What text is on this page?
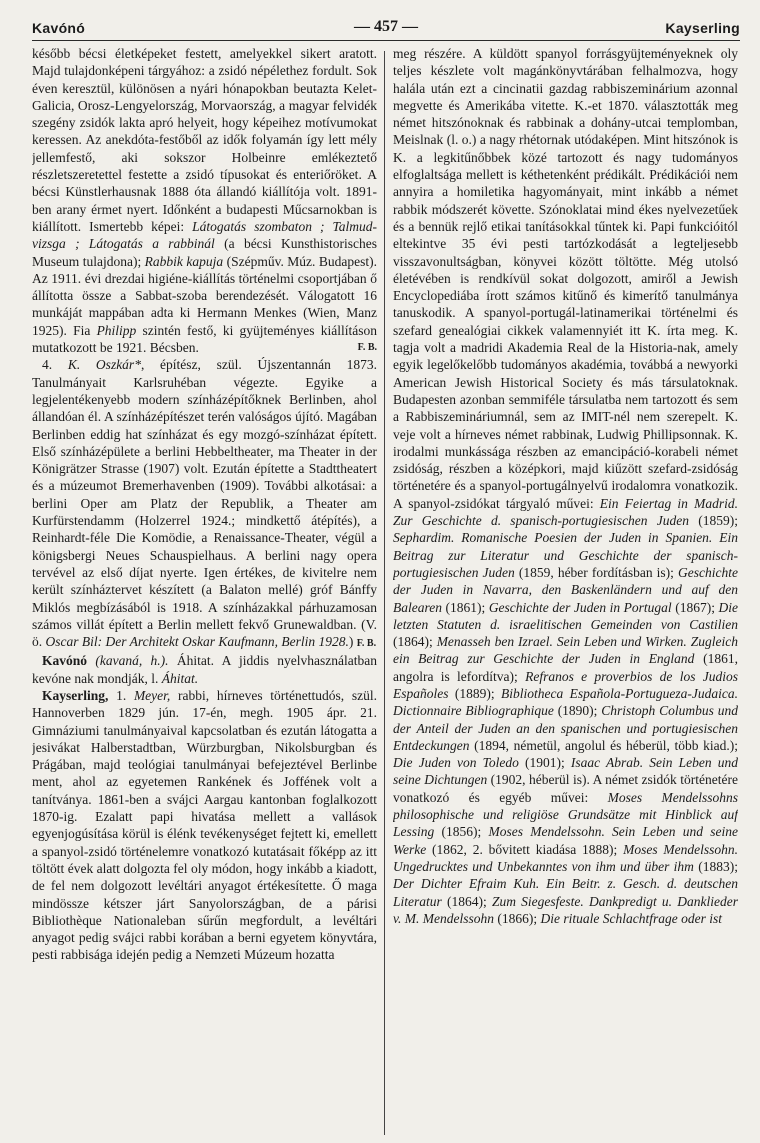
Kavónó	— 457 —	Kayserling

később bécsi életképeket festett, amelyekkel sikert aratott. Majd tulajdonképeni tárgyához: a zsidó népélethez fordult. Sok éven keresztül, különösen a nyári hónapokban beutazta Kelet-Galicia, Orosz-Lengyelország, Morvaország, a magyar felvidék szegény zsidók lakta apró helyeit, hogy képeihez motívumokat keressen. Az anekdóta-festőből az idők folyamán így lett mély jellemfestő, aki sokszor Holbeinre emlékeztető részletszeretettel festette a zsidó típusokat és enteriőröket. A bécsi Künstlerhausnak 1888 óta állandó kiállítója volt. 1891-ben arany érmet nyert. Időnként a budapesti Műcsarnokban is kiállított. Ismertebb képei: Látogatás szombaton ; Talmud-vizsga ; Látogatás a rabbinál (a bécsi Kunsthistorisches Museum tulajdona); Rabbik kapuja (Szépműv. Múz. Budapest). Az 1911. évi drezdai higiéne-kiállítás történelmi csoportjában ő állította össze a Sabbat-szoba berendezését. Válogatott 16 munkáját mappában adta ki Hermann Menkes (Wien, Manz 1925). Fia Philipp szintén festő, ki gyüjteményes kiállításon mutatkozott be 1921. Bécsben.	F. B.

4. K. Oszkár*, építész, szül. Újszentannán 1873. Tanulmányait Karlsruhéban végezte. Egyike a legjelentékenyebb modern színházépítőknek Berlinben, ahol állandóan él. A színházépítészet terén valóságos újító. Magában Berlinben eddig hat színházat és egy mozgó-színházat épített. Első színházépülete a berlini Hebbeltheater, ma Theater in der Königrätzer Strasse (1907) volt. Ezután építette a Stadttheatert és a múzeumot Bremerhavenben (1909). További alkotásai: a berlini Oper am Platz der Republik, a Theater am Kurfürstendamm (Holzerrel 1924.; mindkettő átépítés), a Reinhardt-féle Die Komödie, a Renaissance-Theater, végül a königsbergi Neues Schauspielhaus. A berlini nagy opera tervével az első díjat nyerte. Igen értékes, de kivitelre nem került színháztervet készített (a Balaton mellé) gróf Bánffy Miklós megbízásából is 1918. A színházakkal párhuzamosan számos villát épített a Berlin mellett fekvő Grunewaldban. (V. ö. Oscar Bil: Der Architekt Oskar Kaufmann, Berlin 1928.) F. B.

Kavónó (kavaná, h.). Áhitat. A jiddis nyelvhasználatban kevóne nak mondják, l. Áhitat.

Kayserling, 1. Meyer, rabbi, hírneves történettudós, szül. Hannoverben 1829 jún. 17-én, megh. 1905 ápr. 21. Gimnáziumi tanulmányaival kapcsolatban és ezután látogatta a jesivákat Halberstadtban, Würzburgban, Nikolsburgban és Prágában, majd teológiai tanulmányai befejeztével Berlinbe ment, ahol az egyetemen Rankének és Joffének volt a tanítványa. 1861-ben a svájci Aargau kantonban foglalkozott 1870-ig. Ezalatt papi hivatása mellett a vallások egyenjogúsítása körül is élénk tevékenységet fejtett ki, emellett a spanyol-zsidó történelemre vonatkozó kutatásait főképp az itt töltött évek alatt dolgozta fel oly módon, hogy inkább a kiadott, de fel nem dolgozott levéltári anyagot értékesítette. Ő maga mindössze kétszer járt Sanyolországban, de a párisi Bibliothèque Nationaleban sűrűn megfordult, a levéltári anyagot pedig svájci rabbi korában a berni egyetem könyvtára, pesti rabbisága idején pedig a Nemzeti Múzeum hozatta

meg részére. A küldött spanyol forrásgyüjteményeknek oly teljes készlete volt magánkönyvtárában felhalmozva, hogy halála után ezt a cincinatii gazdag rabbiszeminárium azonnal megvette és Amerikába vitette. K.-et 1870. választották meg német hitszónoknak és rabbinak a dohány-utcai templomban, Meislnak (l. o.) a nagy rhétornak utódaképen. Mint hitszónok is K. a legkitűnőbbek közé tartozott és nagy tudományos elfoglaltsága mellett is kéthetenként prédikált. Prédikációi nem annyira a homiletika hagyományait, mint inkább a német rabbik módszerét követte. Szónoklatai mind ékes nyelvezetűek és a bennük rejlő etikai tanításokkal tűntek ki. Papi funkcióitól eltekintve 35 évi pesti tartózkodását a legteljesebb visszavonultságban, könyvei között töltötte. Még utolsó életévében is rendkívül sokat dolgozott, amiről a Jewish Encyclopediába írott számos kitűnő és kimerítő tanulmánya tanuskodik. A spanyol-portugál-latinamerikai történelmi és szefard genealógiai cikkek valamennyiét itt K. írta meg. K. tagja volt a madridi Akademia Real de la Historia-nak, amely egyik legelőkelőbb tudományos akadémia, továbbá a newyorki American Jewish Historical Society és más társulatoknak. Budapesten azonban semmiféle társulatba nem tartozott és sem a Rabbiszemináriumnál, sem az IMIT-nél nem szerepelt. K. veje volt a hírneves német rabbinak, Ludwig Phillipsonnak. K. irodalmi munkássága részben az emancipáció-korabeli német zsidóság, részben a középkori, majd kiűzött szefard-zsidóság történetére és a spanyol-portugálnyelvű irodalomra vonatkozik. A spanyol-zsidókat tárgyaló művei: Ein Feiertag in Madrid. Zur Geschichte d. spanisch-portugiesischen Juden (1859); Sephardim. Romanische Poesien der Juden in Spanien. Ein Beitrag zur Literatur und Geschichte der spanisch-portugiesischen Juden (1859, héber fordításban is); Geschichte der Juden in Navarra, den Baskenländern und auf den Balearen (1861); Geschichte der Juden in Portugal (1867); Die letzten Statuten d. israelitischen Gemeinden von Castilien (1864); Menasseh ben Izrael. Sein Leben und Wirken. Zugleich ein Beitrag zur Geschichte der Juden in England (1861, angolra is lefordítva); Refranos e proverbios de los Judios Españoles (1889); Bibliotheca Española-Portugueza-Judaica. Dictionnaire Bibliographique (1890); Christoph Columbus und der Anteil der Juden an den spanischen und portugiesischen Entdeckungen (1894, németül, angolul és héberül, több kiad.); Die Juden von Toledo (1901); Isaac Abrab. Sein Leben und seine Dichtungen (1902, héberül is). A német zsidók történetére vonatkozó és egyéb művei: Moses Mendelssohns philosophische und religiöse Grundsätze mit Hinblick auf Lessing (1856); Moses Mendelssohn. Sein Leben und seine Werke (1862, 2. bővitett kiadása 1888); Moses Mendelssohn. Ungedrucktes und Unbekanntes von ihm und über ihm (1883); Der Dichter Efraim Kuh. Ein Beitr. z. Gesch. d. deutschen Literatur (1864); Zum Siegesfeste. Dankpredigt u. Danklieder v. M. Mendelssohn (1866); Die rituale Schlachtfrage oder ist
